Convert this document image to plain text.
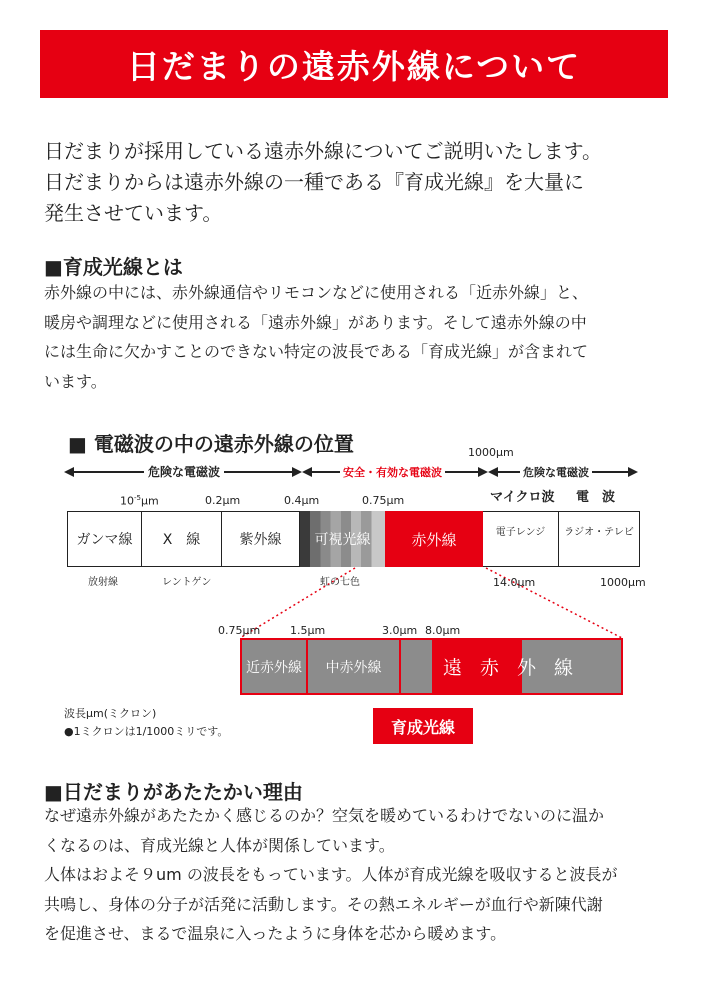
日だまりの遠赤外線について
日だまりが採用している遠赤外線についてご説明いたします。
日だまりからは遠赤外線の一種である『育成光線』を大量に
発生させています。
■育成光線とは
赤外線の中には、赤外線通信やリモコンなどに使用される「近赤外線」と、
暖房や調理などに使用される「遠赤外線」があります。そして遠赤外線の中
には生命に欠かすことのできない特定の波長である「育成光線」が含まれて
います。
■ 電磁波の中の遠赤外線の位置	1000μm
危険な電磁波	安全・有効な電磁波	危険な電磁波
マイクロ波 電　波
$10^{-5}\mu m$	0.2μm	0.4μm	0.75μm
ガンマ線 X　線	紫外線 可視光線	赤外線	電子レンジ ラジオ・テレビ
放射線	レントゲン	虹の七色	14.0μm	1000μm
0.75μm	1.5μm	3.0μm 8.0μm
近赤外線 中赤外線	遠 赤 外 線
育成光線
波長μm(ミクロン)
●1ミクロンは1/1000ミリです。
■日だまりがあたたかい理由
なぜ遠赤外線があたたかく感じるのか？空気を暖めているわけでないのに温か
くなるのは、育成光線と人体が関係しています。
人体はおよそ９um の波長をもっています。人体が育成光線を吸収すると波長が
共鳴し、身体の分子が活発に活動します。その熱エネルギーが血行や新陳代謝
を促進させ、まるで温泉に入ったように身体を芯から暖めます。
